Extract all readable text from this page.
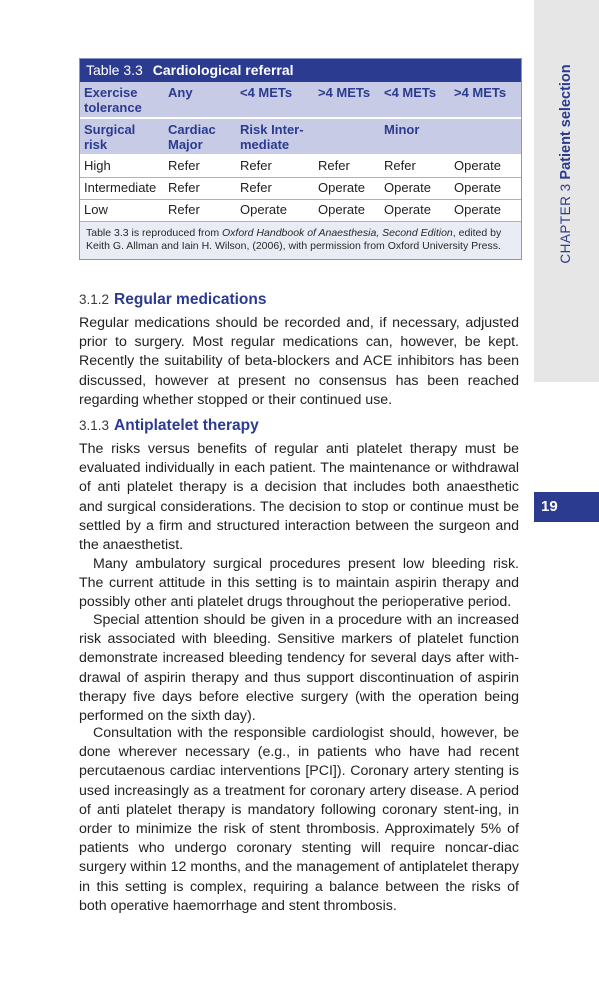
CHAPTER 3 Patient selection
19
Table 3.3 Cardiological referral
Exercise tolerance	Any	<4 METs	>4 METs	<4 METs	>4 METs
Surgical risk	Cardiac Major	Risk Inter-mediate		Minor	
High	Refer	Refer	Refer	Refer	Operate
Intermediate	Refer	Refer	Operate	Operate	Operate
Low	Refer	Operate	Operate	Operate	Operate
Table 3.3 is reproduced from Oxford Handbook of Anaesthesia, Second Edition, edited by Keith G. Allman and Iain H. Wilson, (2006), with permission from Oxford University Press.
3.1.2 Regular medications

Regular medications should be recorded and, if necessary, adjusted prior to surgery. Most regular medications can, however, be kept. Recently the suitability of beta-blockers and ACE inhibitors has been discussed, however at present no consensus has been reached regarding whether stopped or their continued use.

3.1.3 Antiplatelet therapy

The risks versus benefits of regular anti platelet therapy must be evaluated individually in each patient. The maintenance or withdrawal of anti platelet therapy is a decision that includes both anaesthetic and surgical considerations. The decision to stop or continue must be settled by a firm and structured interaction between the surgeon and the anaesthetist.

Many ambulatory surgical procedures present low bleeding risk. The current attitude in this setting is to maintain aspirin therapy and possibly other anti platelet drugs throughout the perioperative period.

Special attention should be given in a procedure with an increased risk associated with bleeding. Sensitive markers of platelet function demonstrate increased bleeding tendency for several days after with-drawal of aspirin therapy and thus support discontinuation of aspirin therapy five days before elective surgery (with the operation being performed on the sixth day).

Consultation with the responsible cardiologist should, however, be done wherever necessary (e.g., in patients who have had recent percutaenous cardiac interventions [PCI]). Coronary artery stenting is used increasingly as a treatment for coronary artery disease. A period of anti platelet therapy is mandatory following coronary stent-ing, in order to minimize the risk of stent thrombosis. Approximately 5% of patients who undergo coronary stenting will require noncar-diac surgery within 12 months, and the management of antiplatelet therapy in this setting is complex, requiring a balance between the risks of both operative haemorrhage and stent thrombosis.
